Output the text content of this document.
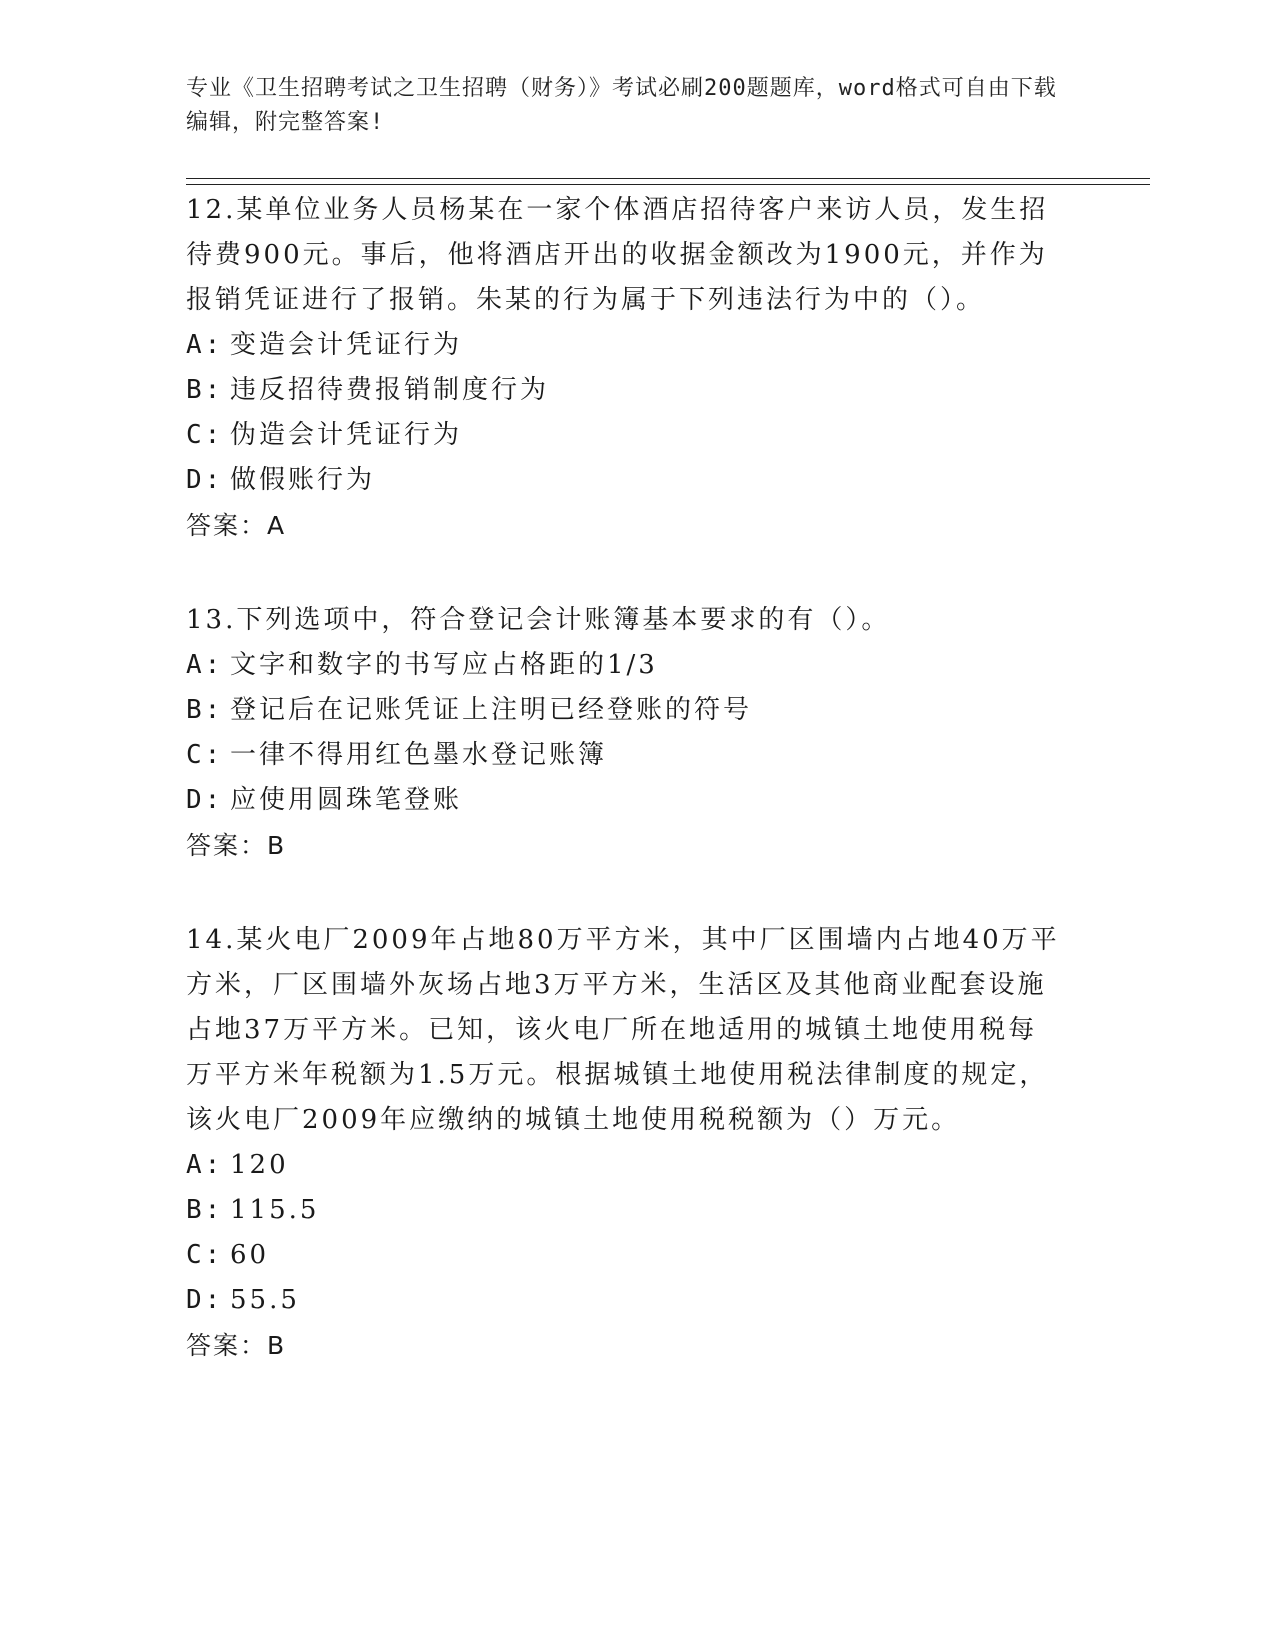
专业《卫生招聘考试之卫生招聘（财务）》考试必刷200题题库，word格式可自由下载编辑，附完整答案!

12.某单位业务人员杨某在一家个体酒店招待客户来访人员，发生招待费900元。事后，他将酒店开出的收据金额改为1900元，并作为报销凭证进行了报销。朱某的行为属于下列违法行为中的（）。

A: 变造会计凭证行为

B: 违反招待费报销制度行为

C: 伪造会计凭证行为

D: 做假账行为

答案：A

13.下列选项中，符合登记会计账簿基本要求的有（）。

A: 文字和数字的书写应占格距的1/3

B: 登记后在记账凭证上注明已经登账的符号

C: 一律不得用红色墨水登记账簿

D: 应使用圆珠笔登账

答案：B

14.某火电厂2009年占地80万平方米，其中厂区围墙内占地40万平方米，厂区围墙外灰场占地3万平方米，生活区及其他商业配套设施占地37万平方米。已知，该火电厂所在地适用的城镇土地使用税每万平方米年税额为1.5万元。根据城镇土地使用税法律制度的规定，该火电厂2009年应缴纳的城镇土地使用税税额为（）万元。

A: 120

B: 115.5

C: 60

D: 55.5

答案：B
